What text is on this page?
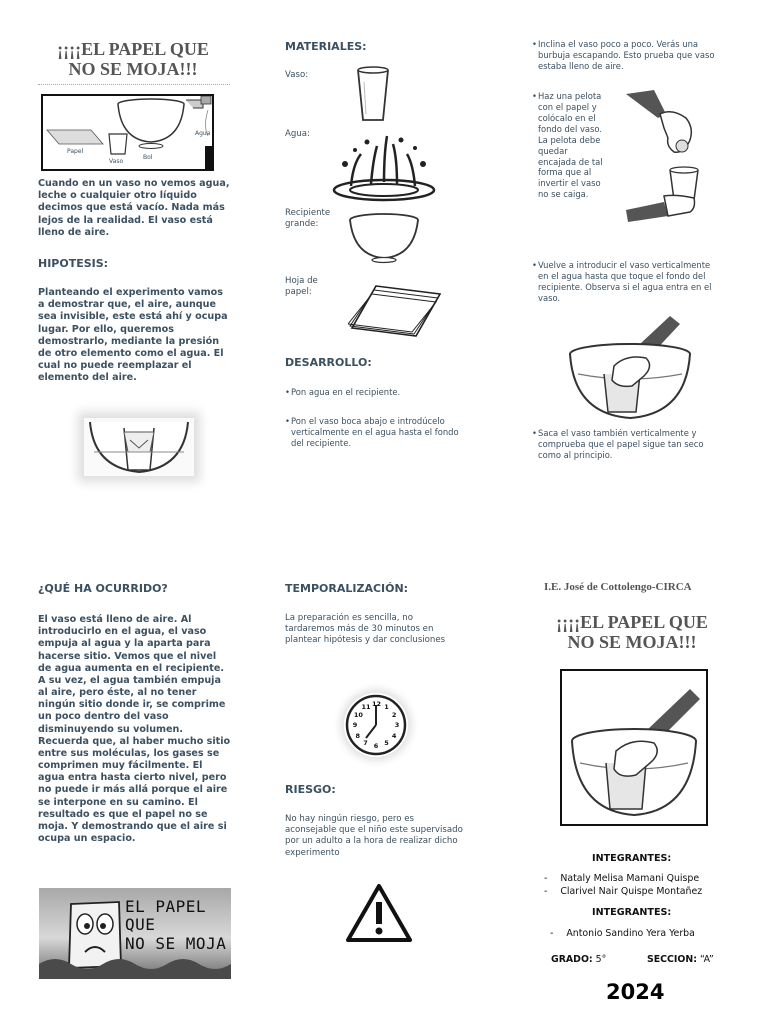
¡¡¡¡EL PAPEL QUE
NO SE MOJA!!!
Papel
Vaso
Bol
Agua
Cuando en un vaso no vemos agua, leche o cualquier otro líquido decimos que está vacío. Nada más lejos de la realidad. El vaso está lleno de aire.
HIPOTESIS:
Planteando el experimento vamos a demostrar que, el aire, aunque sea invisible, este está ahí y ocupa lugar. Por ello, queremos demostrarlo, mediante la presión de otro elemento como el agua. El cual no puede reemplazar el elemento del aire.
MATERIALES:
Vaso:
Agua:
Recipiente grande:
Hoja de papel:
DESARROLLO:
• Pon agua en el recipiente.
• Pon el vaso boca abajo e introdúcelo verticalmente en el agua hasta el fondo del recipiente.
• Inclina el vaso poco a poco. Verás una burbuja escapando. Esto prueba que vaso estaba lleno de aire.
• Haz una pelota con el papel y colócalo en el fondo del vaso. La pelota debe quedar encajada de tal forma que al invertir el vaso no se caiga.
• Vuelve a introducir el vaso verticalmente en el agua hasta que toque el fondo del recipiente. Observa si el agua entra en el vaso.
• Saca el vaso también verticalmente y comprueba que el papel sigue tan seco como al principio.
¿QUÉ HA OCURRIDO?
El vaso está lleno de aire. Al introducirlo en el agua, el vaso empuja al agua y la aparta para hacerse sitio. Vemos que el nivel de agua aumenta en el recipiente. A su vez, el agua también empuja al aire, pero éste, al no tener ningún sitio donde ir, se comprime un poco dentro del vaso disminuyendo su volumen. Recuerda que, al haber mucho sitio entre sus moléculas, los gases se comprimen muy fácilmente. El agua entra hasta cierto nivel, pero no puede ir más allá porque el aire se interpone en su camino. El resultado es que el papel no se moja. Y demostrando que el aire si ocupa un espacio.
EL PAPEL QUE
NO SE MOJA
TEMPORALIZACIÓN:
La preparación es sencilla, no tardaremos más de 30 minutos en plantear hipótesis y dar conclusiones
12 1
2
3
4
5
6
7
8
9
10
11
RIESGO:
No hay ningún riesgo, pero es aconsejable que el niño este supervisado por un adulto a la hora de realizar dicho experimento
I.E. José de Cottolengo-CIRCA
¡¡¡¡EL PAPEL QUE
NO SE MOJA!!!
INTEGRANTES:
- Nataly Melisa Mamani Quispe
- Clarivel Nair Quispe Montañez
INTEGRANTES:
- Antonio Sandino Yera Yerba
GRADO: 5°	SECCION: “A”
2024
